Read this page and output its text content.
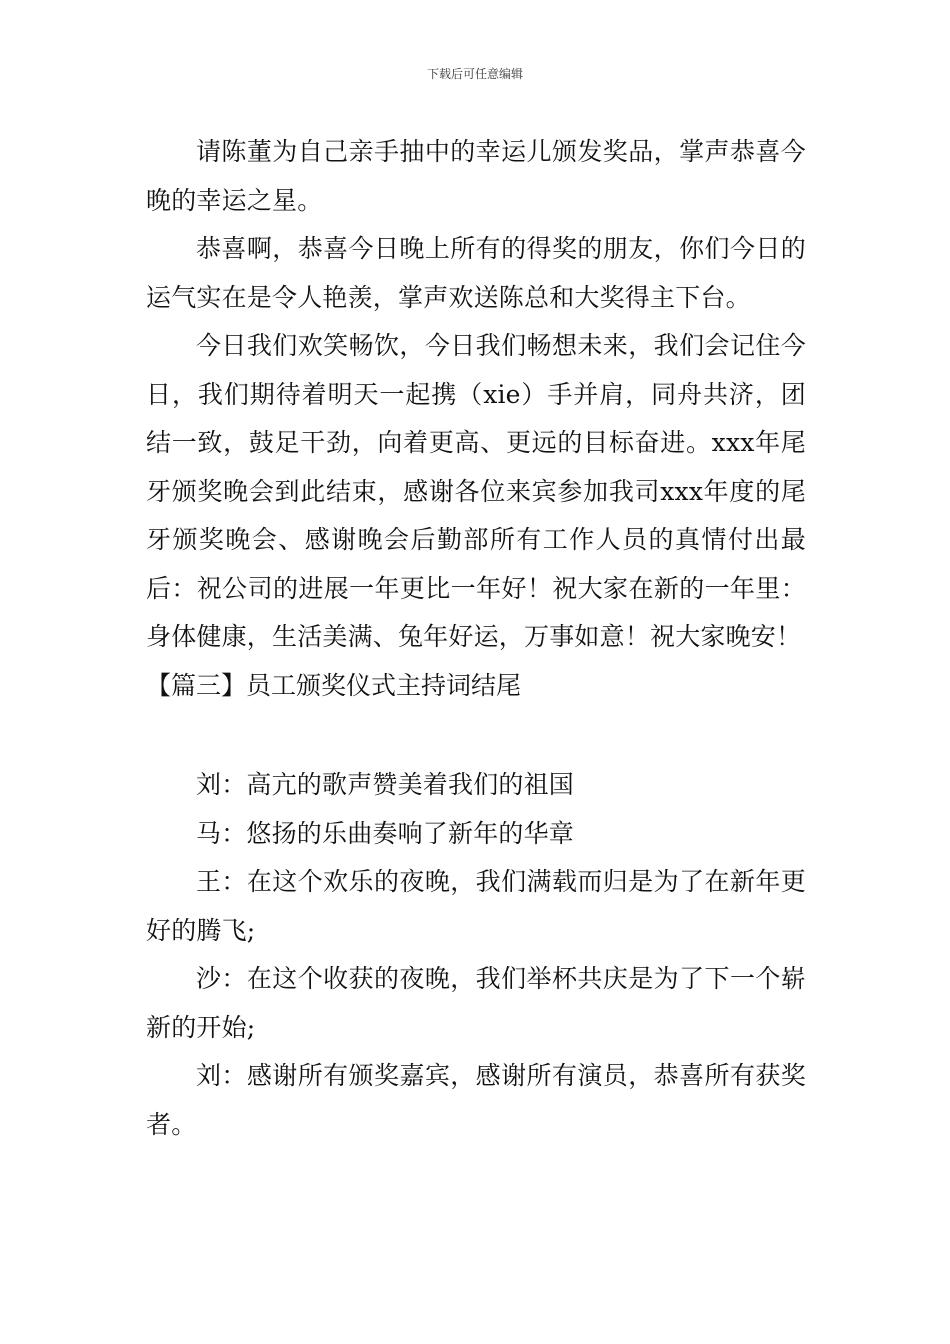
下载后可任意编辑

请陈董为自己亲手抽中的幸运儿颁发奖品，掌声恭喜今晚的幸运之星。

恭喜啊，恭喜今日晚上所有的得奖的朋友，你们今日的运气实在是令人艳羡，掌声欢送陈总和大奖得主下台。

今日我们欢笑畅饮，今日我们畅想未来，我们会记住今日，我们期待着明天一起携（xie）手并肩，同舟共济，团结一致，鼓足干劲，向着更高、更远的目标奋进。xxx年尾牙颁奖晚会到此结束，感谢各位来宾参加我司xxx年度的尾牙颁奖晚会、感谢晚会后勤部所有工作人员的真情付出最后：祝公司的进展一年更比一年好！祝大家在新的一年里：身体健康，生活美满、兔年好运，万事如意！祝大家晚安！

【篇三】员工颁奖仪式主持词结尾

刘：高亢的歌声赞美着我们的祖国

马：悠扬的乐曲奏响了新年的华章

王：在这个欢乐的夜晚，我们满载而归是为了在新年更好的腾飞;

沙：在这个收获的夜晚，我们举杯共庆是为了下一个崭新的开始;

刘：感谢所有颁奖嘉宾，感谢所有演员，恭喜所有获奖者。
